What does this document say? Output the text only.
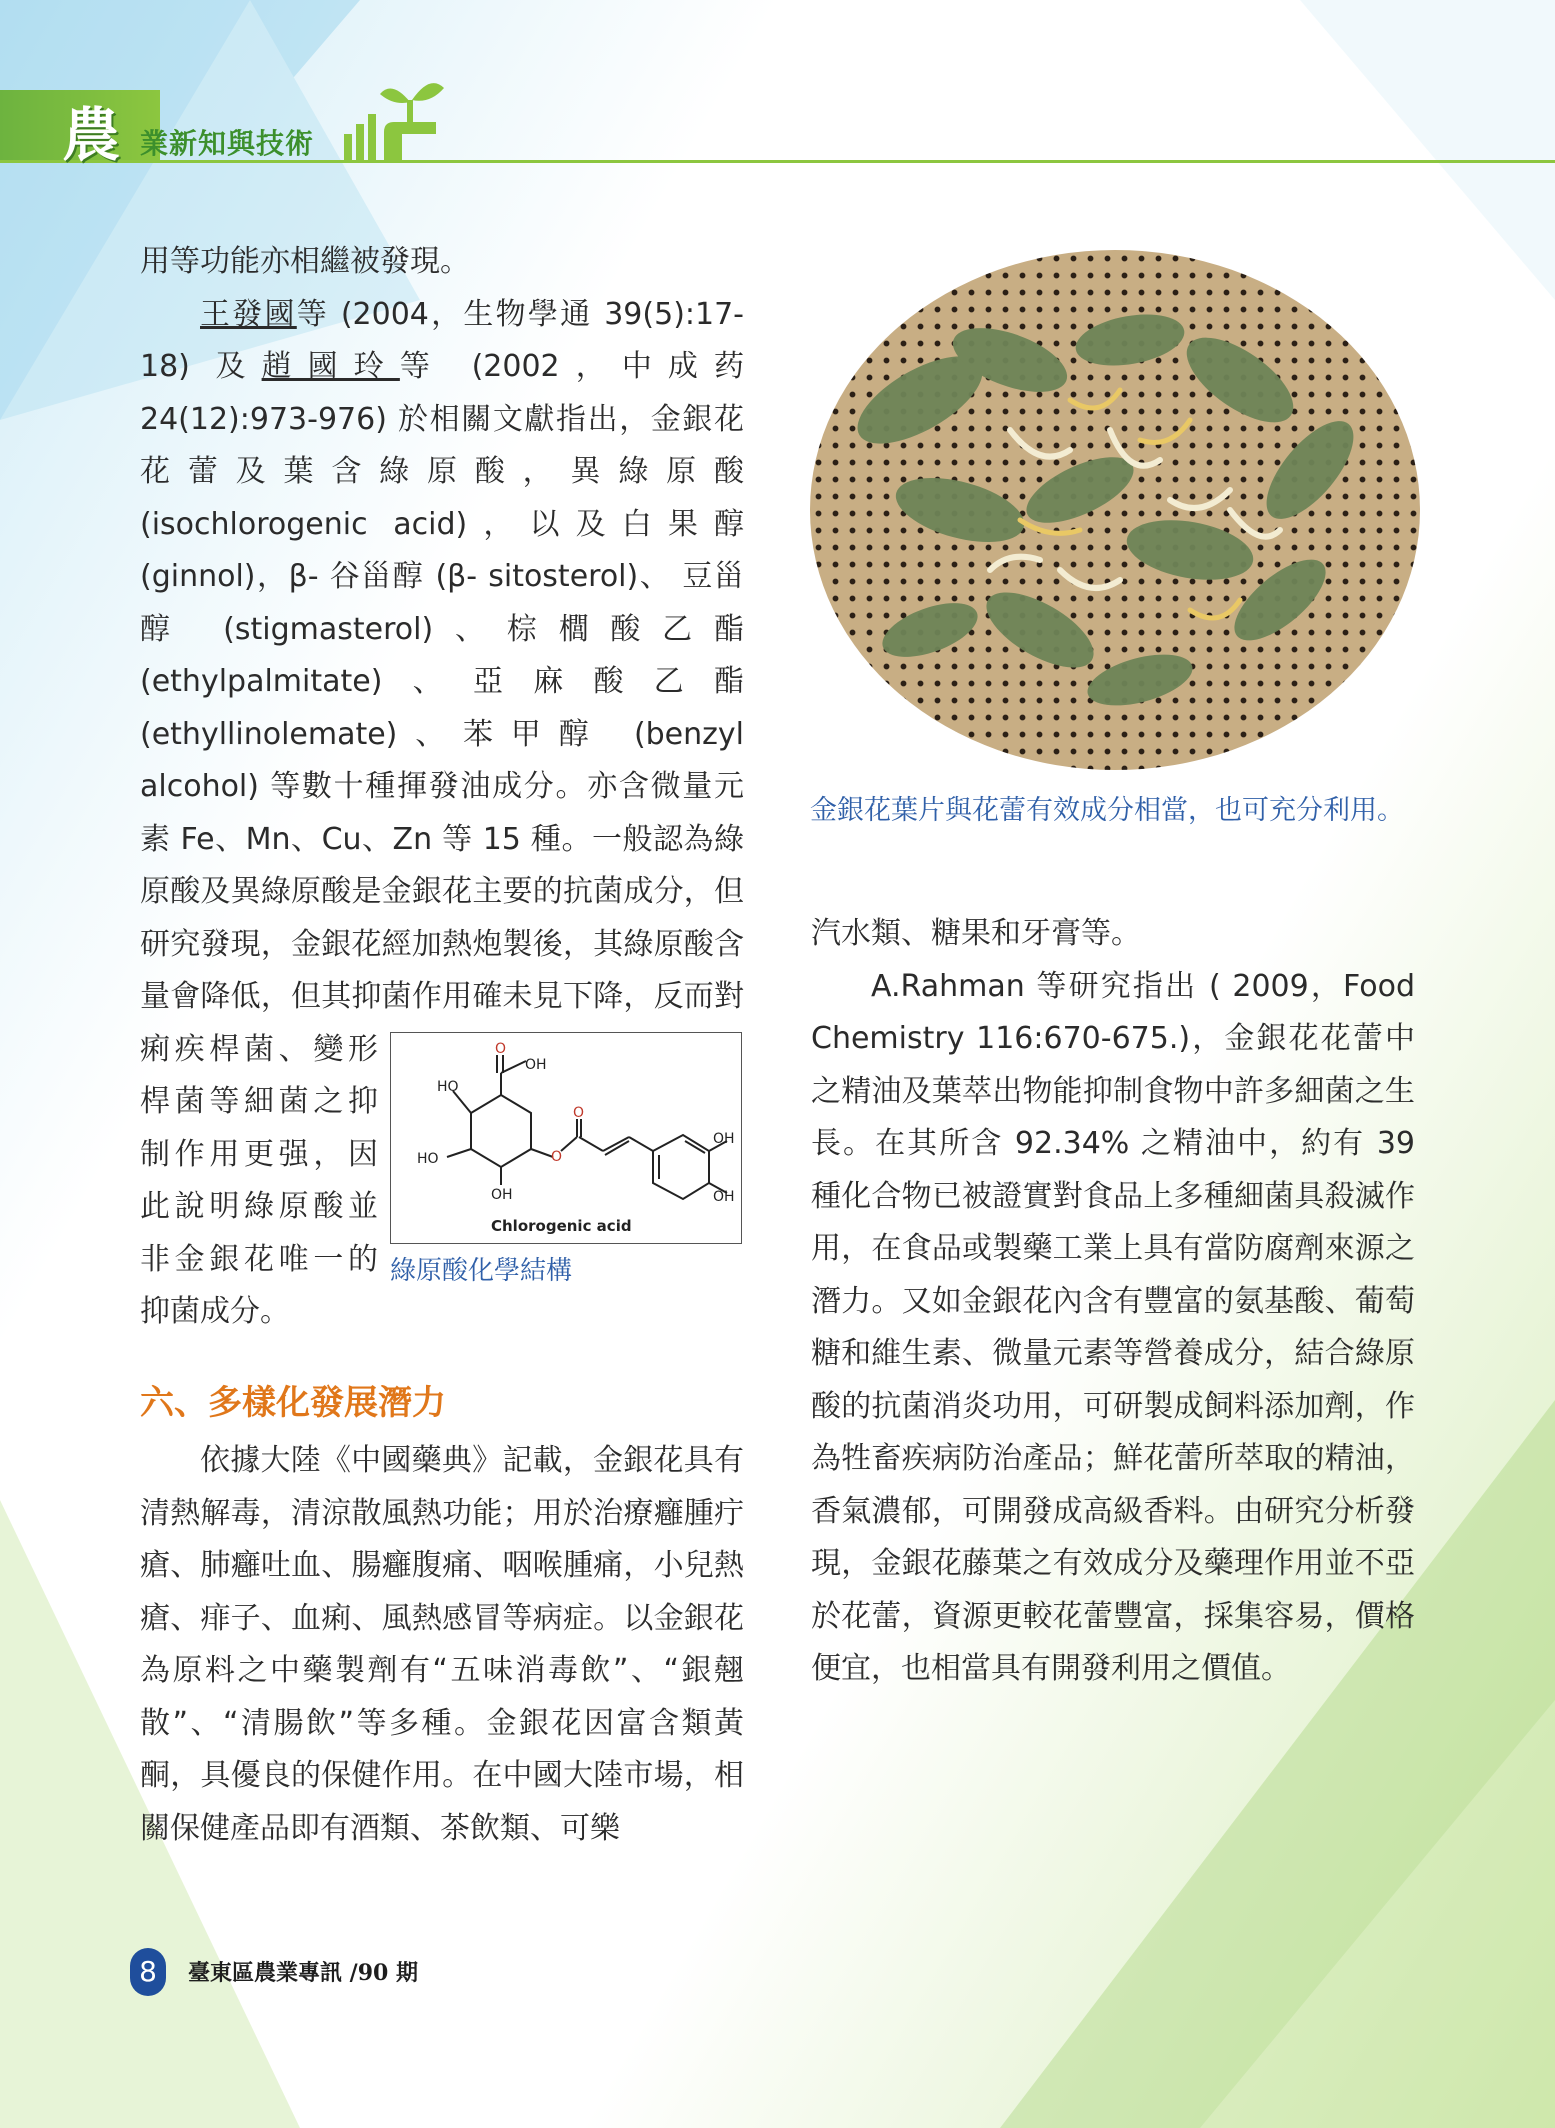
農 業新知與技術

用等功能亦相繼被發現。

王發國等 (2004，生物學通 39(5):17-18) 及趙國玲等 (2002，中成药 24(12):973-976) 於相關文獻指出，金銀花花蕾及葉含綠原酸，異綠原酸 (isochlorogenic acid)，以及白果醇 (ginnol)，β- 谷甾醇 (β- sitosterol)、 豆甾醇 (stigmasterol)、棕櫚酸乙酯 (ethylpalmitate)、亞麻酸乙酯 (ethyllinolemate)、苯甲醇 (benzyl alcohol) 等數十種揮發油成分。亦含微量元素 Fe、Mn、Cu、Zn 等 15 種。一般認為綠原酸及異綠原酸是金銀花主要的抗菌成分，但研究發現，金銀花經加熱炮製後，其綠原酸含量會降低，但其抑菌作用確未見下降，反而對痢疾桿菌、變形桿菌等細菌之抑制作用更强，因此說明綠原酸並非金銀花唯一的抑菌成分。

六、多樣化發展潛力

依據大陸《中國藥典》記載，金銀花具有清熱解毒，清涼散風熱功能；用於治療癰腫疔瘡、肺癰吐血、腸癰腹痛、咽喉腫痛，小兒熱瘡、痱子、血痢、風熱感冒等病症。以金銀花為原料之中藥製劑有“五味消毒飲”、“銀翹散”、“清腸飲”等多種。金銀花因富含類黃酮，具優良的保健作用。在中國大陸市場，相關保健產品即有酒類、茶飲類、可樂

HO
OH
O
HO
OH
O
O
OH
OH
Chlorogenic acid
綠原酸化學結構
金銀花葉片與花蕾有效成分相當，也可充分利用。

汽水類、糖果和牙膏等。

A.Rahman 等研究指出 ( 2009，Food Chemistry 116:670-675.)，金銀花花蕾中之精油及葉萃出物能抑制食物中許多細菌之生長。在其所含 92.34% 之精油中，約有 39 種化合物已被證實對食品上多種細菌具殺滅作用，在食品或製藥工業上具有當防腐劑來源之潛力。又如金銀花內含有豐富的氨基酸、葡萄糖和維生素、微量元素等營養成分，結合綠原酸的抗菌消炎功用，可研製成飼料添加劑，作為牲畜疾病防治產品；鮮花蕾所萃取的精油，香氣濃郁，可開發成高級香料。由研究分析發現，金銀花藤葉之有效成分及藥理作用並不亞於花蕾，資源更較花蕾豐富，採集容易，價格便宜，也相當具有開發利用之價值。

8	臺東區農業專訊 /90 期
